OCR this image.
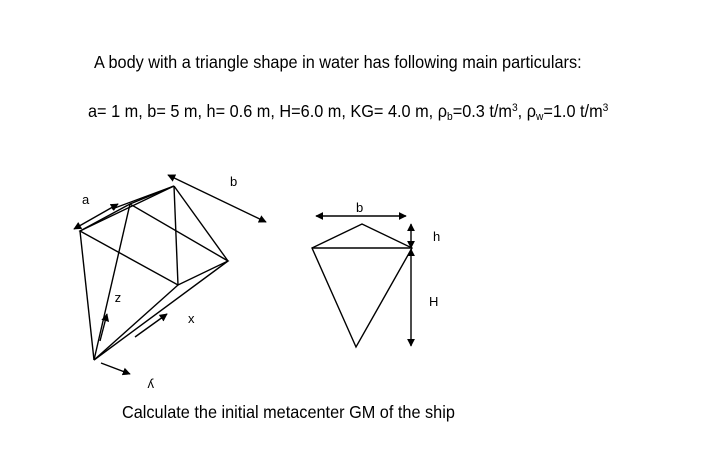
A body with a triangle shape in water has following main particulars:
a= 1 m, b= 5 m, h= 0.6 m, H=6.0 m, KG= 4.0 m, $\rho_b=0.3$ $t/m^3$, $\rho_w=1.0$ $t/m^3$
a
b
z
x
y
b
h
H
Calculate the initial metacenter GM of the ship
